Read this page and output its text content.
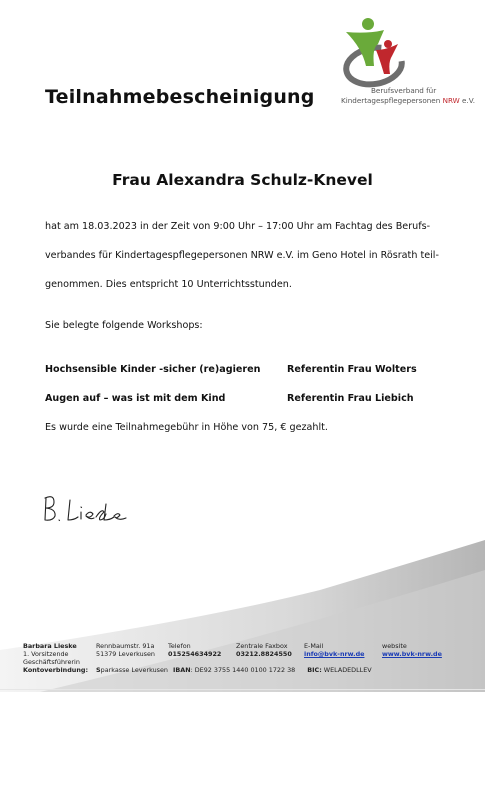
Teilnahmebescheinigung	Berufsverband für
Kindertagespflegepersonen NRW e.V.
Frau Alexandra Schulz-Knevel
hat am 18.03.2023 in der Zeit von 9:00 Uhr – 17:00 Uhr am Fachtag des Berufs-
verbandes für Kindertagespflegepersonen NRW e.V. im Geno Hotel in Rösrath teil-
genommen. Dies entspricht 10 Unterrichtsstunden.
Sie belegte folgende Workshops:
Hochsensible Kinder -sicher (re)agieren	Referentin Frau Wolters
Augen auf – was ist mit dem Kind	Referentin Frau Liebich
Es wurde eine Teilnahmegebühr in Höhe von 75, € gezahlt.
Barbara Lieske
1. Vorsitzende
Geschäftsführerin
Rennbaumstr. 91a
51379 Leverkusen
Telefon
015254634922
Zentrale Faxbox
03212.8824550
E-Mail
info@bvk-nrw.de
website
www.bvk-nrw.de
Kontoverbindung: Sparkasse Leverkusen IBAN: DE92 3755 1440 0100 1722 38 BIC: WELADEDLLEV
